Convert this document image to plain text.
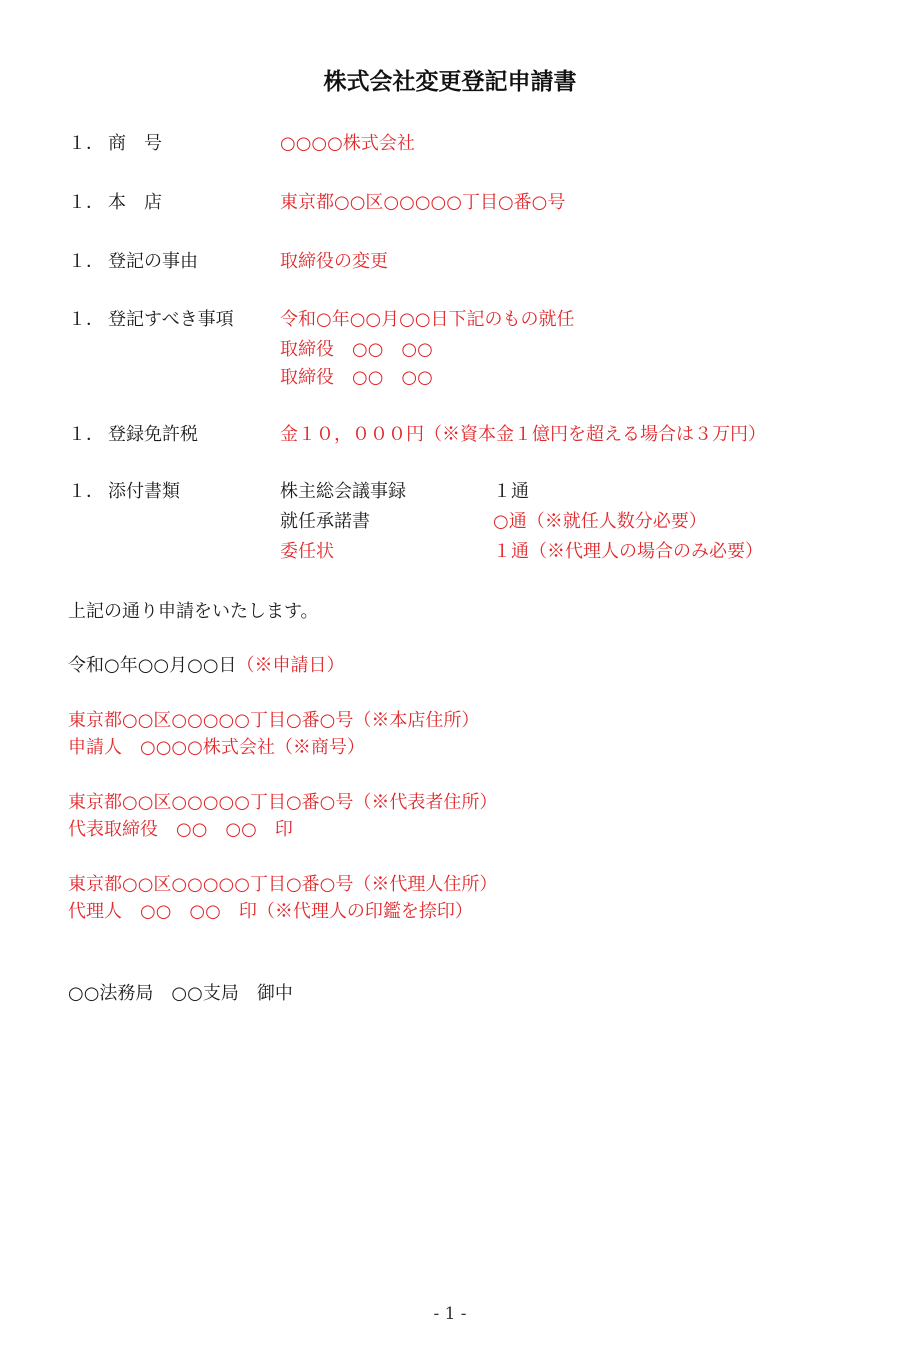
株式会社変更登記申請書
１． 商　号	○○○○株式会社
１． 本　店	東京都○○区○○○○○丁目○番○号
１． 登記の事由	取締役の変更
１． 登記すべき事項	令和○年○○月○○日下記のもの就任
取締役　○○　○○
取締役　○○　○○
１． 登録免許税	金１０，０００円（※資本金１億円を超える場合は３万円）
１． 添付書類	株主総会議事録	１通
就任承諾書	○通（※就任人数分必要）
委任状	１通（※代理人の場合のみ必要）
上記の通り申請をいたします。
令和○年○○月○○日（※申請日）
東京都○○区○○○○○丁目○番○号（※本店住所）
申請人　○○○○株式会社（※商号）
東京都○○区○○○○○丁目○番○号（※代表者住所）
代表取締役　○○　○○　印
東京都○○区○○○○○丁目○番○号（※代理人住所）
代理人　○○　○○　印（※代理人の印鑑を捺印）
○○法務局　○○支局　御中
- 1 -
